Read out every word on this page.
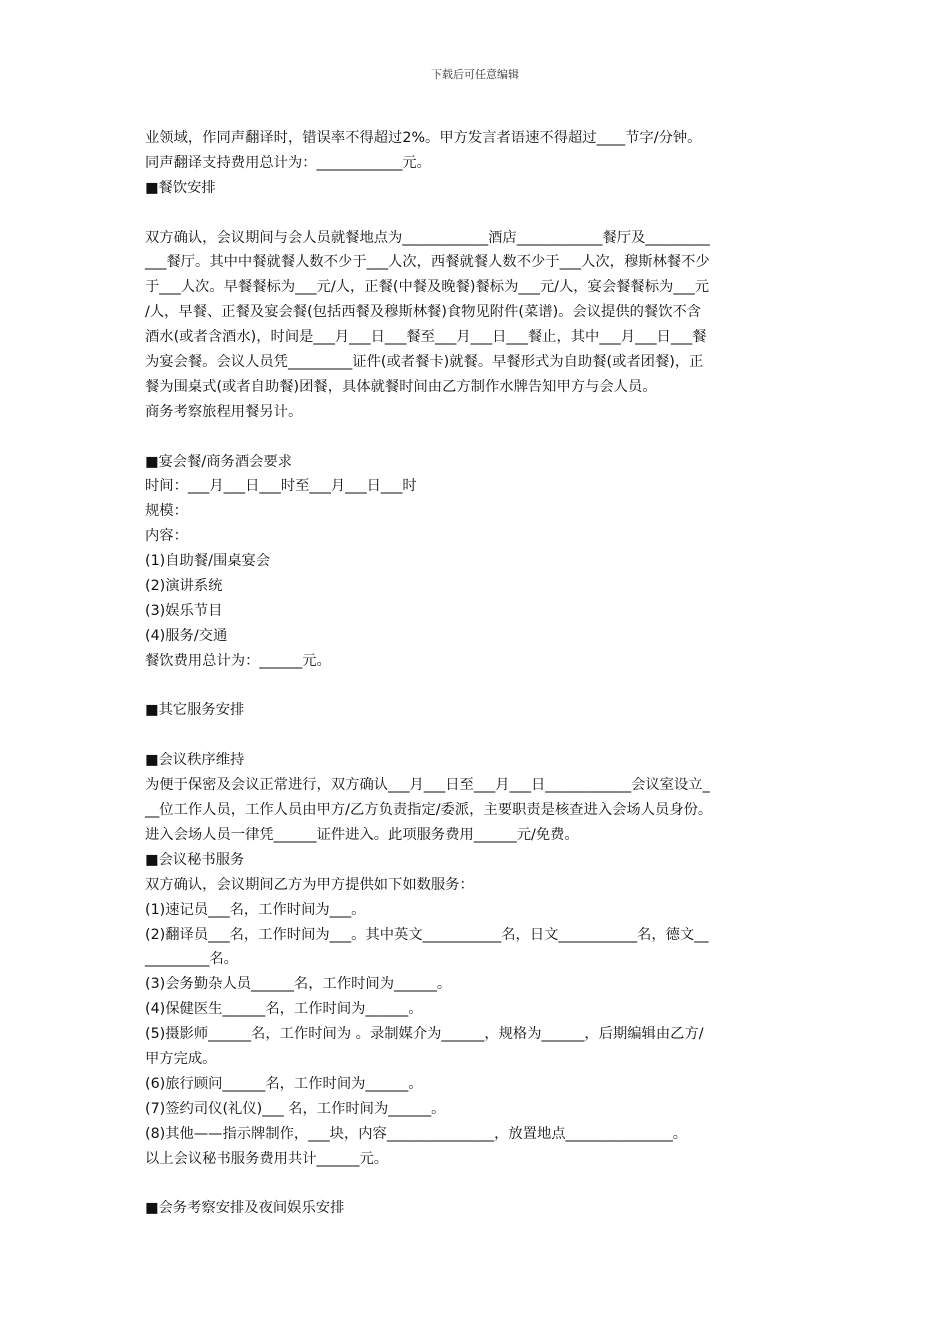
下载后可任意编辑
业领域，作同声翻译时，错误率不得超过2%。甲方发言者语速不得超过____节字/分钟。
同声翻译支持费用总计为：____________元。
■餐饮安排
双方确认，会议期间与会人员就餐地点为____________酒店____________餐厅及_________
___餐厅。其中中餐就餐人数不少于___人次，西餐就餐人数不少于___人次，穆斯林餐不少
于___人次。早餐餐标为___元/人，正餐(中餐及晚餐)餐标为___元/人，宴会餐餐标为___元
/人，早餐、正餐及宴会餐(包括西餐及穆斯林餐)食物见附件(菜谱)。会议提供的餐饮不含
酒水(或者含酒水)，时间是___月___日___餐至___月___日___餐止，其中___月___日___餐
为宴会餐。会议人员凭_________证件(或者餐卡)就餐。早餐形式为自助餐(或者团餐)，正
餐为围桌式(或者自助餐)团餐，具体就餐时间由乙方制作水牌告知甲方与会人员。
商务考察旅程用餐另计。
■宴会餐/商务酒会要求
时间：___月___日___时至___月___日___时
规模：
内容：
(1)自助餐/围桌宴会
(2)演讲系统
(3)娱乐节目
(4)服务/交通
餐饮费用总计为：______元。
■其它服务安排
■会议秩序维持
为便于保密及会议正常进行，双方确认___月___日至___月___日____________会议室设立_
__位工作人员，工作人员由甲方/乙方负责指定/委派，主要职责是核查进入会场人员身份。
进入会场人员一律凭______证件进入。此项服务费用______元/免费。
■会议秘书服务
双方确认，会议期间乙方为甲方提供如下如数服务：
(1)速记员___名，工作时间为___。
(2)翻译员___名，工作时间为___。其中英文___________名，日文___________名，德文__
_________名。
(3)会务勤杂人员______名，工作时间为______。
(4)保健医生______名，工作时间为______。
(5)摄影师______名，工作时间为 。录制媒介为______，规格为______，后期编辑由乙方/
甲方完成。
(6)旅行顾问______名，工作时间为______。
(7)签约司仪(礼仪)___ 名，工作时间为______。
(8)其他——指示牌制作，___块，内容_______________，放置地点_______________。
以上会议秘书服务费用共计______元。
■会务考察安排及夜间娱乐安排
